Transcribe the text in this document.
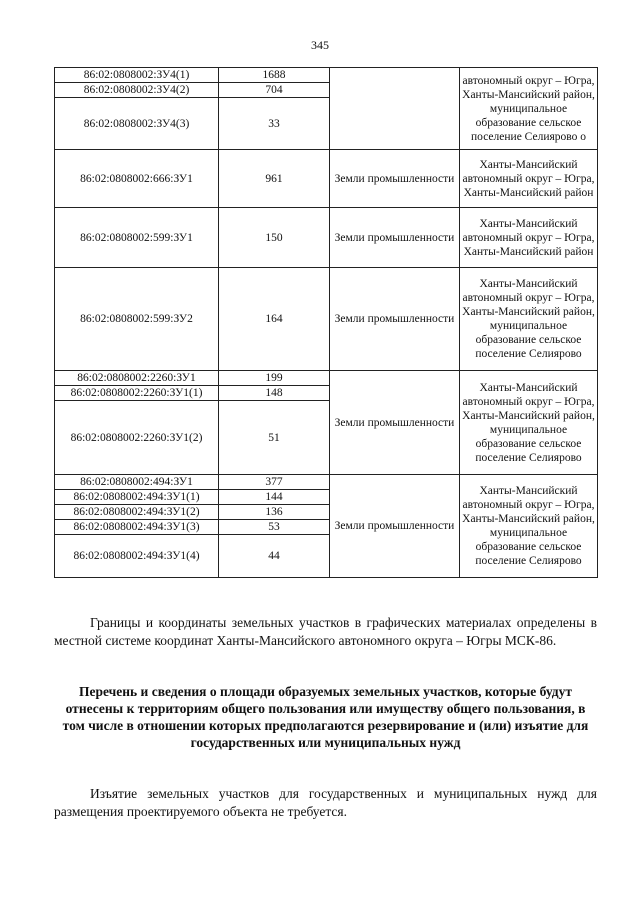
345
86:02:0808002:ЗУ4(1)	1688		автономный округ – Югра, Ханты-Мансийский район, муниципальное образование сельское поселение Селиярово о
86:02:0808002:ЗУ4(2)	704		
86:02:0808002:ЗУ4(3)	33		
86:02:0808002:666:ЗУ1	961	Земли промышленности	Ханты-Мансийский автономный округ – Югра, Ханты-Мансийский район
86:02:0808002:599:ЗУ1	150	Земли промышленности	Ханты-Мансийский автономный округ – Югра, Ханты-Мансийский район
86:02:0808002:599:ЗУ2	164	Земли промышленности	Ханты-Мансийский автономный округ – Югра, Ханты-Мансийский район, муниципальное образование сельское поселение Селиярово
86:02:0808002:2260:ЗУ1	199	Земли промышленности	Ханты-Мансийский автономный округ – Югра, Ханты-Мансийский район, муниципальное образование сельское поселение Селиярово
86:02:0808002:2260:ЗУ1(1)	148		
86:02:0808002:2260:ЗУ1(2)	51		
86:02:0808002:494:ЗУ1	377	Земли промышленности	Ханты-Мансийский автономный округ – Югра, Ханты-Мансийский район, муниципальное образование сельское поселение Селиярово
86:02:0808002:494:ЗУ1(1)	144		
86:02:0808002:494:ЗУ1(2)	136		
86:02:0808002:494:ЗУ1(3)	53		
86:02:0808002:494:ЗУ1(4)	44		

Границы и координаты земельных участков в графических материалах определены в местной системе координат Ханты-Мансийского автономного округа – Югры МСК-86.

Перечень и сведения о площади образуемых земельных участков, которые будут отнесены к территориям общего пользования или имуществу общего пользования, в том числе в отношении которых предполагаются резервирование и (или) изъятие для государственных или муниципальных нужд

Изъятие земельных участков для государственных и муниципальных нужд для размещения проектируемого объекта не требуется.
